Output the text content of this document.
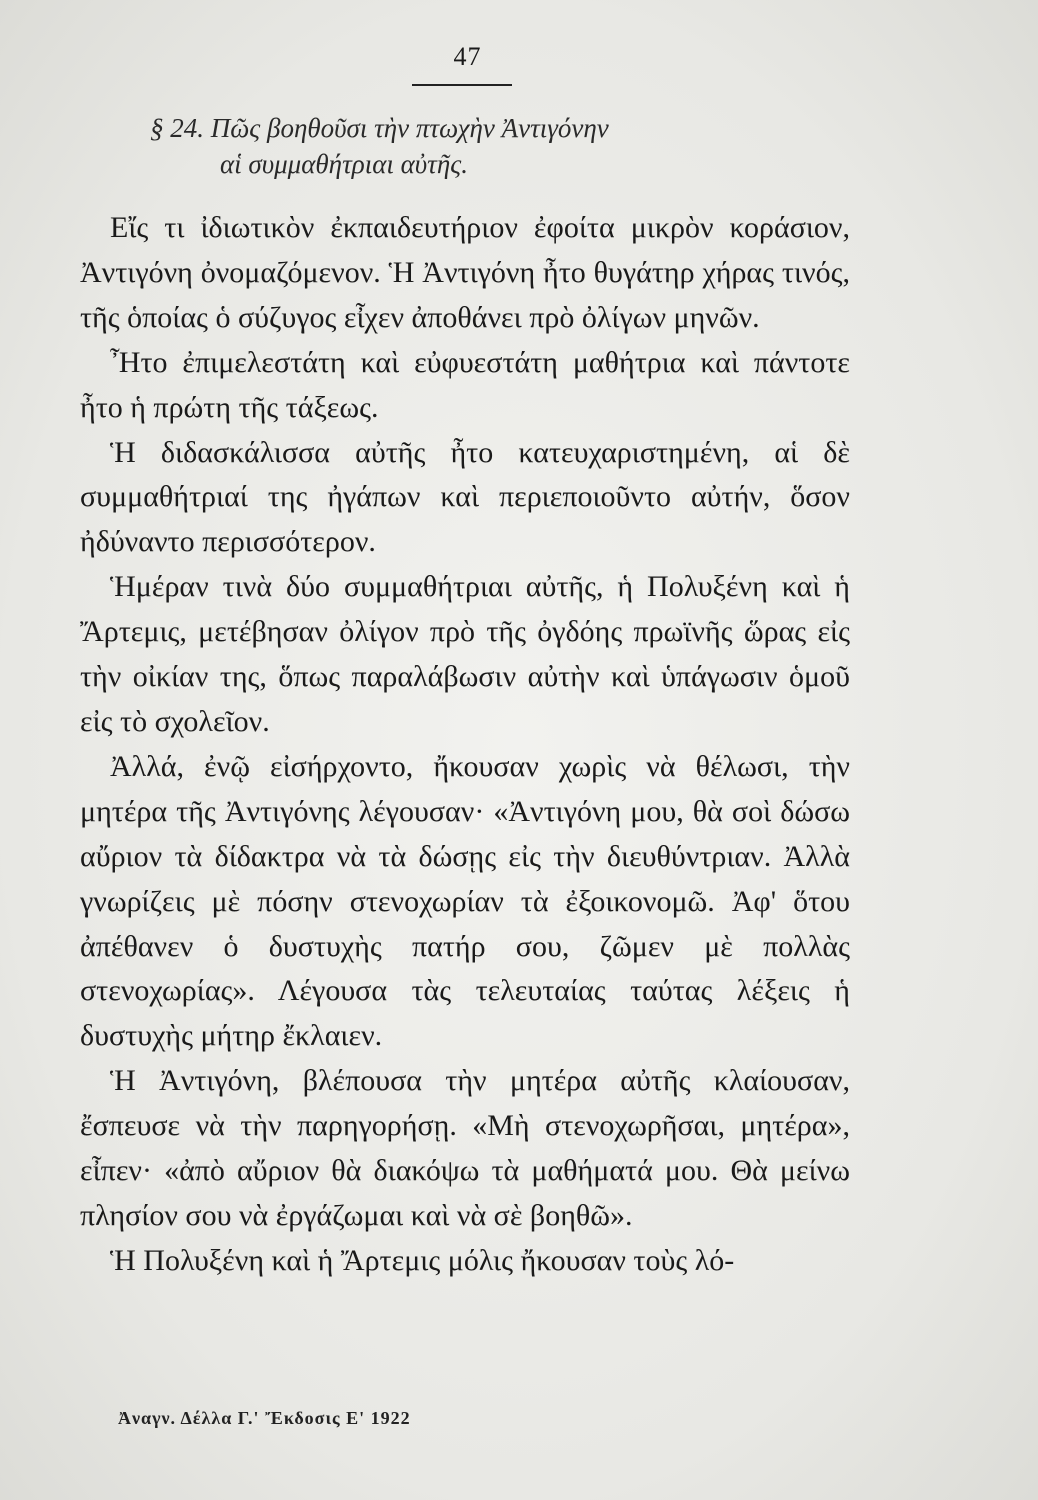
47
§ 24. Πῶς βοηθοῦσι τὴν πτωχὴν Ἀντιγόνην
αἱ συμμαθήτριαι αὐτῆς.

Εἴς τι ἰδιωτικὸν ἐκπαιδευτήριον ἐφοίτα μικρὸν κοράσιον, Ἀντιγόνη ὀνομαζόμενον. Ἡ Ἀντιγόνη ἦτο θυγάτηρ χήρας τινός, τῆς ὁποίας ὁ σύζυγος εἶχεν ἀποθάνει πρὸ ὀλίγων μηνῶν.

Ἦτο ἐπιμελεστάτη καὶ εὐφυεστάτη μαθήτρια καὶ πάντοτε ἦτο ἡ πρώτη τῆς τάξεως.

Ἡ διδασκάλισσα αὐτῆς ἦτο κατευχαριστημένη, αἱ δὲ συμμαθήτριαί της ἠγάπων καὶ περιεποιοῦντο αὐτήν, ὅσον ἠδύναντο περισσότερον.

Ἡμέραν τινὰ δύο συμμαθήτριαι αὐτῆς, ἡ Πολυξένη καὶ ἡ Ἄρτεμις, μετέβησαν ὀλίγον πρὸ τῆς ὀγδόης πρωϊνῆς ὥρας εἰς τὴν οἰκίαν της, ὅπως παραλάβωσιν αὐτὴν καὶ ὑπάγωσιν ὁμοῦ εἰς τὸ σχολεῖον.

Ἀλλά, ἐνῷ εἰσήρχοντο, ἤκουσαν χωρὶς νὰ θέλωσι, τὴν μητέρα τῆς Ἀντιγόνης λέγουσαν· «Ἀντιγόνη μου, θὰ σοὶ δώσω αὔριον τὰ δίδακτρα νὰ τὰ δώσῃς εἰς τὴν διευθύντριαν. Ἀλλὰ γνωρίζεις μὲ πόσην στενοχωρίαν τὰ ἐξοικονομῶ. Ἀφ' ὅτου ἀπέθανεν ὁ δυστυχὴς πατήρ σου, ζῶμεν μὲ πολλὰς στενοχωρίας». Λέγουσα τὰς τελευταίας ταύτας λέξεις ἡ δυστυχὴς μήτηρ ἔκλαιεν.

Ἡ Ἀντιγόνη, βλέπουσα τὴν μητέρα αὐτῆς κλαίουσαν, ἔσπευσε νὰ τὴν παρηγορήσῃ. «Μὴ στενοχωρῆσαι, μητέρα», εἶπεν· «ἀπὸ αὔριον θὰ διακόψω τὰ μαθήματά μου. Θὰ μείνω πλησίον σου νὰ ἐργάζωμαι καὶ νὰ σὲ βοηθῶ».

Ἡ Πολυξένη καὶ ἡ Ἄρτεμις μόλις ἤκουσαν τοὺς λό-

Ἀναγν. Δέλλα Γ.' Ἔκδοσις Ε' 1922
